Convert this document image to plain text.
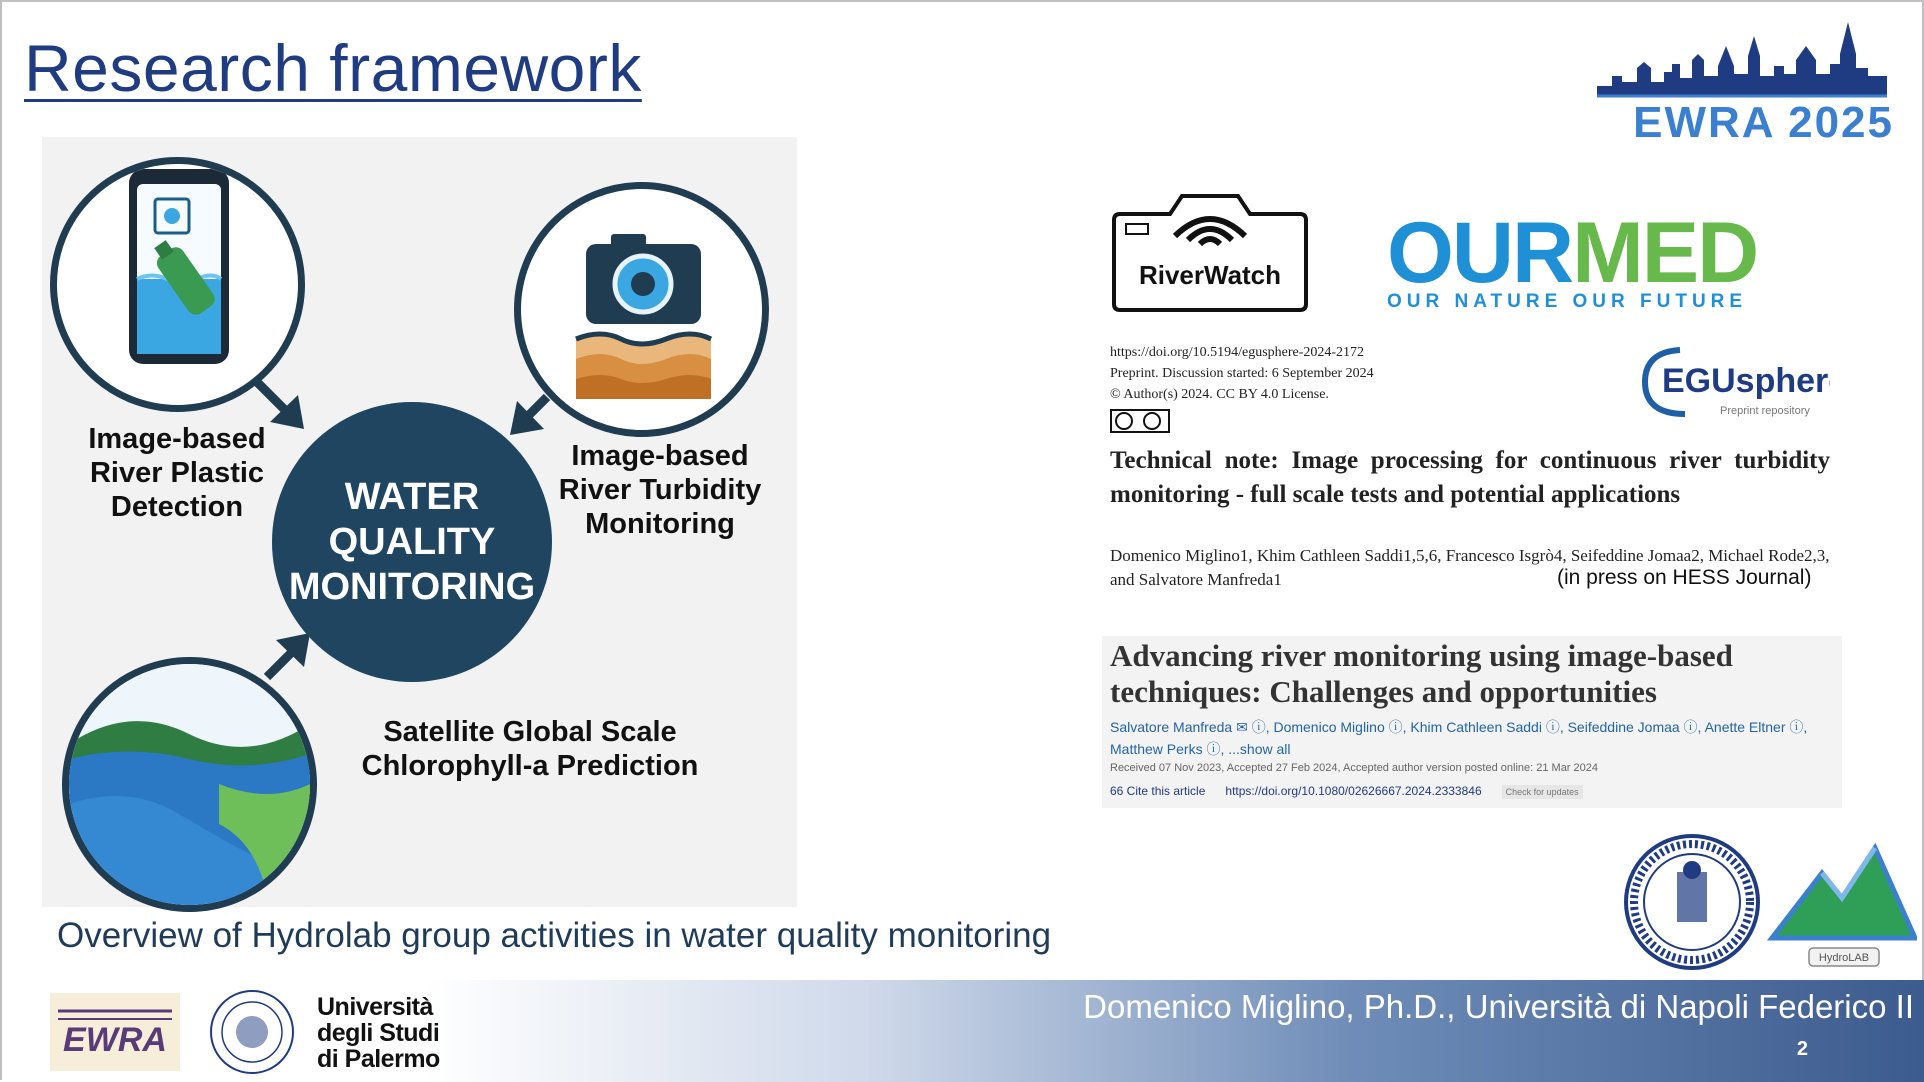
Research framework
EWRA 2025
WATER
QUALITY
MONITORING
Image-based
River Plastic
Detection
Image-based
River Turbidity
Monitoring
Satellite Global Scale
Chlorophyll-a Prediction
RiverWatch OURMED
OUR NATURE OUR FUTURE
https://doi.org/10.5194/egusphere-2024-2172
Preprint. Discussion started: 6 September 2024
© Author(s) 2024. CC BY 4.0 License.
Technical note: Image processing for continuous river turbidity monitoring - full scale tests and potential applications
Domenico Miglino1, Khim Cathleen Saddi1,5,6, Francesco Isgrò4, Seifeddine Jomaa2, Michael Rode2,3, and Salvatore Manfreda1	(in press on HESS Journal)
EGUsphere
Preprint repository
Advancing river monitoring using image-based techniques: Challenges and opportunities
Salvatore Manfreda ✉ ⓘ, Domenico Miglino ⓘ, Khim Cathleen Saddi ⓘ, Seifeddine Jomaa ⓘ, Anette Eltner ⓘ,
Matthew Perks ⓘ, ...show all
Received 07 Nov 2023, Accepted 27 Feb 2024, Accepted author version posted online: 21 Mar 2024
66 Cite this article https://doi.org/10.1080/02626667.2024.2333846	Check for updates
Overview of Hydrolab group activities in water quality monitoring
HydroLAB
EWRA
Università
degli Studi
di Palermo
Domenico Miglino, Ph.D., Università di Napoli Federico II
2
